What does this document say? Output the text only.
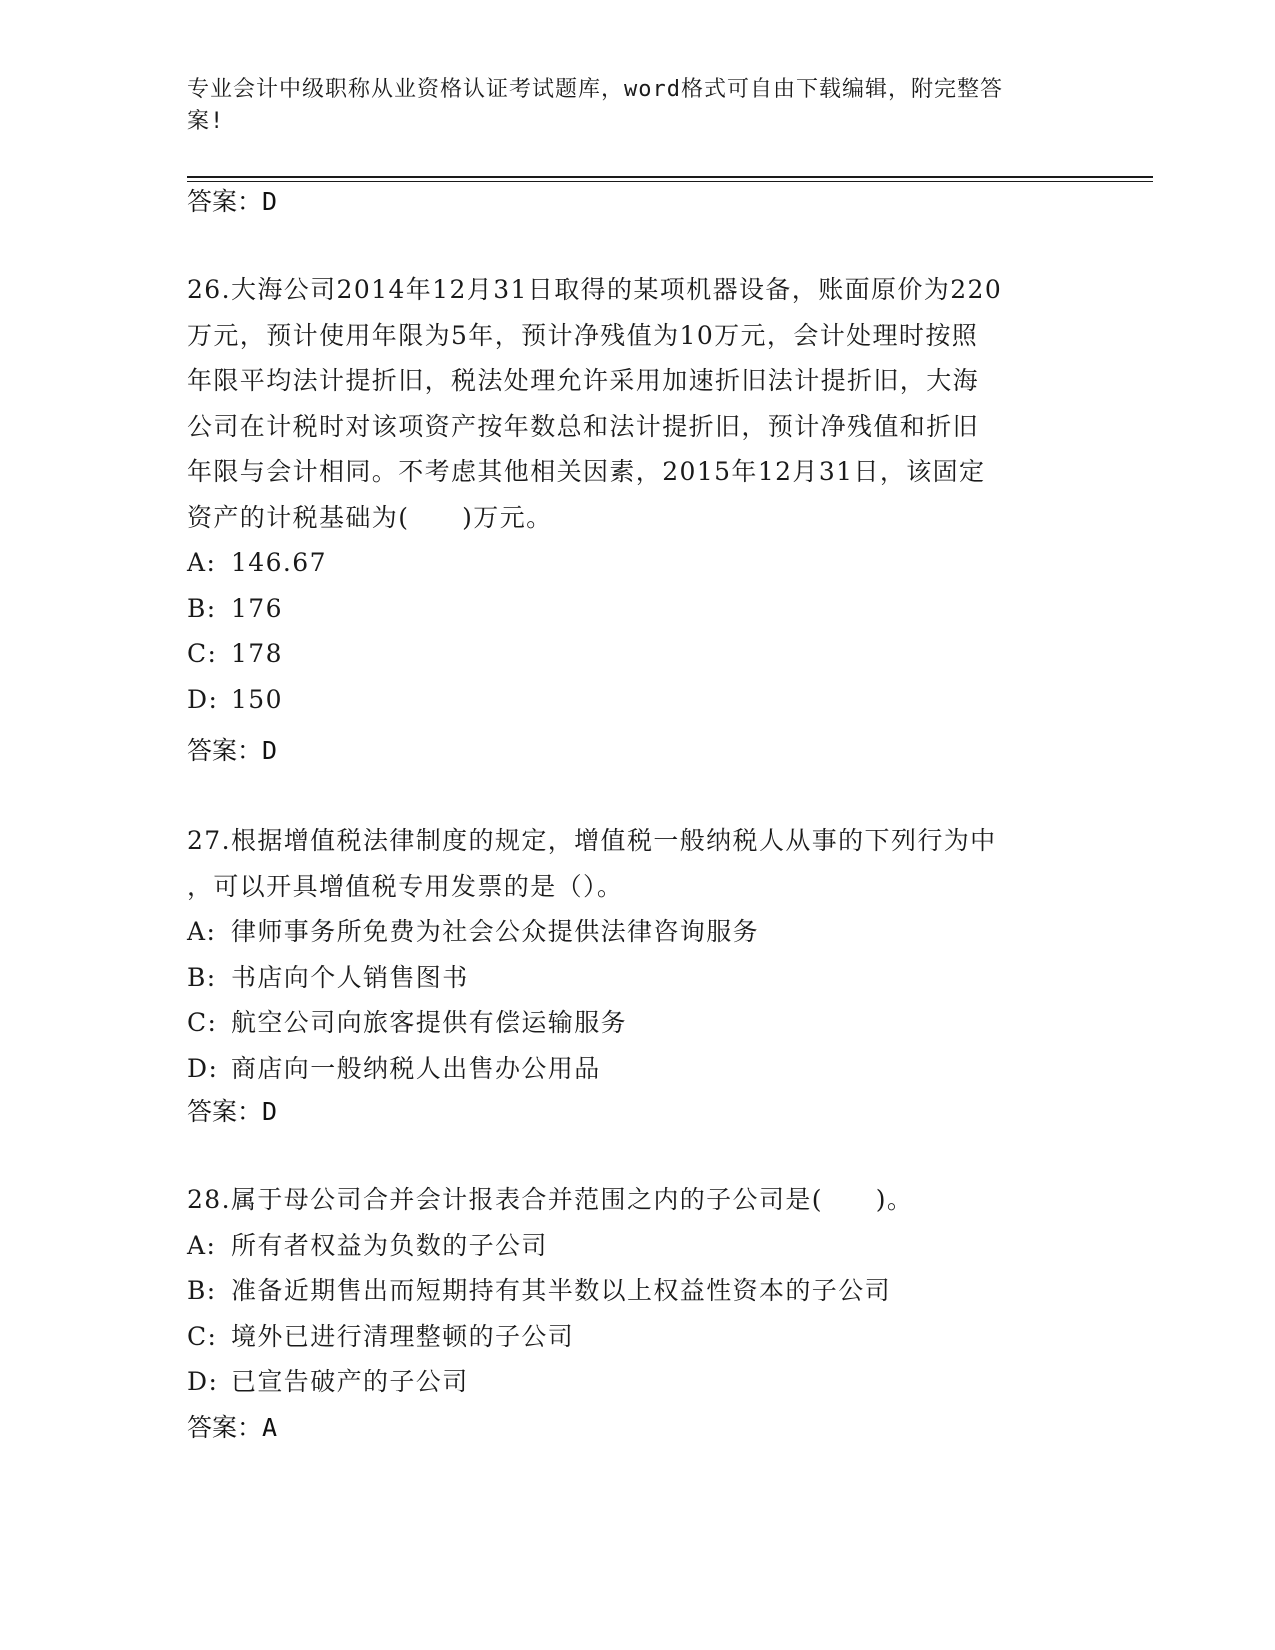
专业会计中级职称从业资格认证考试题库，word格式可自由下载编辑，附完整答
案!
答案：D
26.大海公司2014年12月31日取得的某项机器设备，账面原价为220
万元，预计使用年限为5年，预计净残值为10万元，会计处理时按照
年限平均法计提折旧，税法处理允许采用加速折旧法计提折旧，大海
公司在计税时对该项资产按年数总和法计提折旧，预计净残值和折旧
年限与会计相同。不考虑其他相关因素，2015年12月31日，该固定
资产的计税基础为(　　)万元。
A: 146.67
B: 176
C: 178
D: 150
答案：D
27.根据增值税法律制度的规定，增值税一般纳税人从事的下列行为中
，可以开具增值税专用发票的是（）。
A: 律师事务所免费为社会公众提供法律咨询服务
B: 书店向个人销售图书
C: 航空公司向旅客提供有偿运输服务
D: 商店向一般纳税人出售办公用品
答案：D
28.属于母公司合并会计报表合并范围之内的子公司是(　　)。
A: 所有者权益为负数的子公司
B: 准备近期售出而短期持有其半数以上权益性资本的子公司
C: 境外已进行清理整顿的子公司
D: 已宣告破产的子公司
答案：A
